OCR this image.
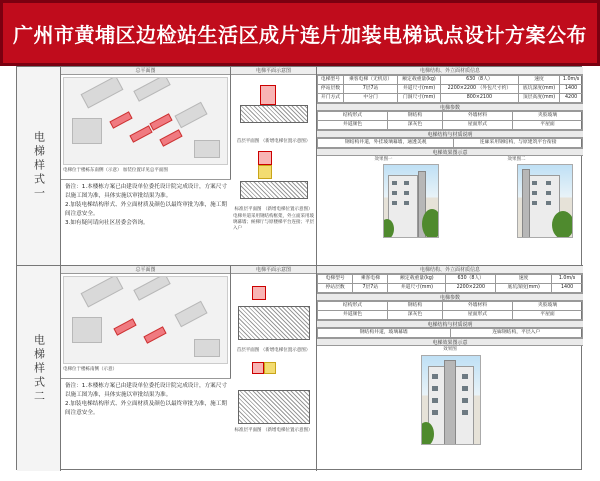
广州市黄埔区边检站生活区成片连片加装电梯试点设计方案公布
电梯样式一
总平面图
电梯位于楼栋东南侧（示意） 加装位置详见总平面图
备注：1.本楼栋方案已由建设单位委托设计院完成设计，方案尺寸以施工图为准，具体实施以审批结果为准。
2.加装电梯结构形式、外立面材质及颜色以最终审批为准，施工期间注意安全。
3.如有疑问请向社区居委会咨询。
电梯平面示意图
首层平面图 （新增电梯位置示意图）
标准层平面图 （新增电梯位置示意图）
电梯井道采用钢结构框架，外立面采用玻璃幕墙；候梯厅与原楼梯平台连接；平层入户
电梯结构、外立面材质信息
电梯型号	乘客电梯（无机房）	额定载重量(kg)	630（8人）	速度	1.0m/s
停站层数	7层7站	井道尺寸(mm)	2200×2200 （外包尺寸约）	底坑深度(mm)	1400
开门方式	中分门	门洞尺寸(mm)	800×2100	顶层高度(mm)	4200
电梯参数
结构形式	钢结构	外墙材料	夹胶玻璃
井道颜色	深灰色	屋面形式	平屋面
电梯结构与材质说明
钢结构井道，外挂玻璃幕墙，通透美观	连廊采用钢结构，与原建筑平台衔接
电梯效果图示意
效果图一	效果图二
电梯样式二
总平面图
电梯位于楼栋南侧（示意）
备注：1.本楼栋方案已由建设单位委托设计院完成设计，方案尺寸以施工图为准，具体实施以审批结果为准。
2.加装电梯结构形式、外立面材质及颜色以最终审批为准，施工期间注意安全。
电梯平面示意图
首层平面图 （新增电梯位置示意图）
标准层平面图 （新增电梯位置示意图）
电梯结构、外立面材质信息
电梯型号	乘客电梯	额定载重量(kg)	630（8人）	速度	1.0m/s
停站层数	7层7站	井道尺寸(mm)	2200×2200	底坑深度(mm)	1400
电梯参数
结构形式	钢结构	外墙材料	夹胶玻璃
井道颜色	深灰色	屋面形式	平屋面
电梯结构与材质说明
钢结构井道，玻璃幕墙	连廊钢结构，平层入户
电梯效果图示意
效果图
